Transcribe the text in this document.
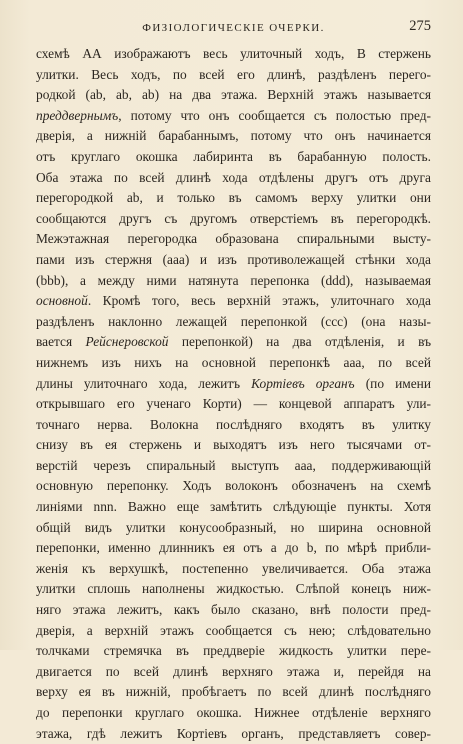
ФИЗІОЛОГИЧЕСКІЕ ОЧЕРКИ.	275
схемѣ АА изображаютъ весь улиточный ходъ, В стержень
улитки. Весь ходъ, по всей его длинѣ, раздѣленъ перего-
родкой (ab, ab, ab) на два этажа. Верхній этажъ называется
преддвернымъ, потому что онъ сообщается съ полостью пред-
дверія, а нижній барабаннымъ, потому что онъ начинается
отъ круглаго окошка лабиринта въ барабанную полость.
Оба этажа по всей длинѣ хода отдѣлены другъ отъ друга
перегородкой ab, и только въ самомъ верху улитки они
сообщаются другъ съ другомъ отверстіемъ въ перегородкѣ.
Межэтажная перегородка образована спиральными высту-
пами изъ стержня (aaa) и изъ противолежащей стѣнки хода
(bbb), а между ними натянута перепонка (ddd), называемая
основной. Кромѣ того, весь верхній этажъ, улиточнаго хода
раздѣленъ наклонно лежащей перепонкой (ccc) (она назы-
вается Рейснеровской перепонкой) на два отдѣленія, и въ
нижнемъ изъ нихъ на основной перепонкѣ aaa, по всей
длины улиточнаго хода, лежитъ Кортіевъ органъ (по имени
открывшаго его ученаго Корти) — концевой аппаратъ ули-
точнаго нерва. Волокна послѣдняго входятъ въ улитку
снизу въ ея стержень и выходятъ изъ него тысячами от-
верстій черезъ спиральный выступъ aaa, поддерживающій
основную перепонку. Ходъ волоконъ обозначенъ на схемѣ
линіями nnn. Важно еще замѣтить слѣдующіе пункты. Хотя
общій видъ улитки конусообразный, но ширина основной
перепонки, именно длинникъ ея отъ a до b, по мѣрѣ прибли-
женія къ верхушкѣ, постепенно увеличивается. Оба этажа
улитки сплошь наполнены жидкостью. Слѣпой конецъ ниж-
няго этажа лежитъ, какъ было сказано, внѣ полости пред-
дверія, а верхній этажъ сообщается съ нею; слѣдовательно
толчками стремячка въ преддверіе жидкость улитки пере-
двигается по всей длинѣ верхняго этажа и, перейдя на
верху ея въ нижній, пробѣгаетъ по всей длинѣ послѣдняго
до перепонки круглаго окошка. Нижнее отдѣленіе верхняго
этажа, гдѣ лежитъ Кортіевъ органъ, представляетъ совер-
